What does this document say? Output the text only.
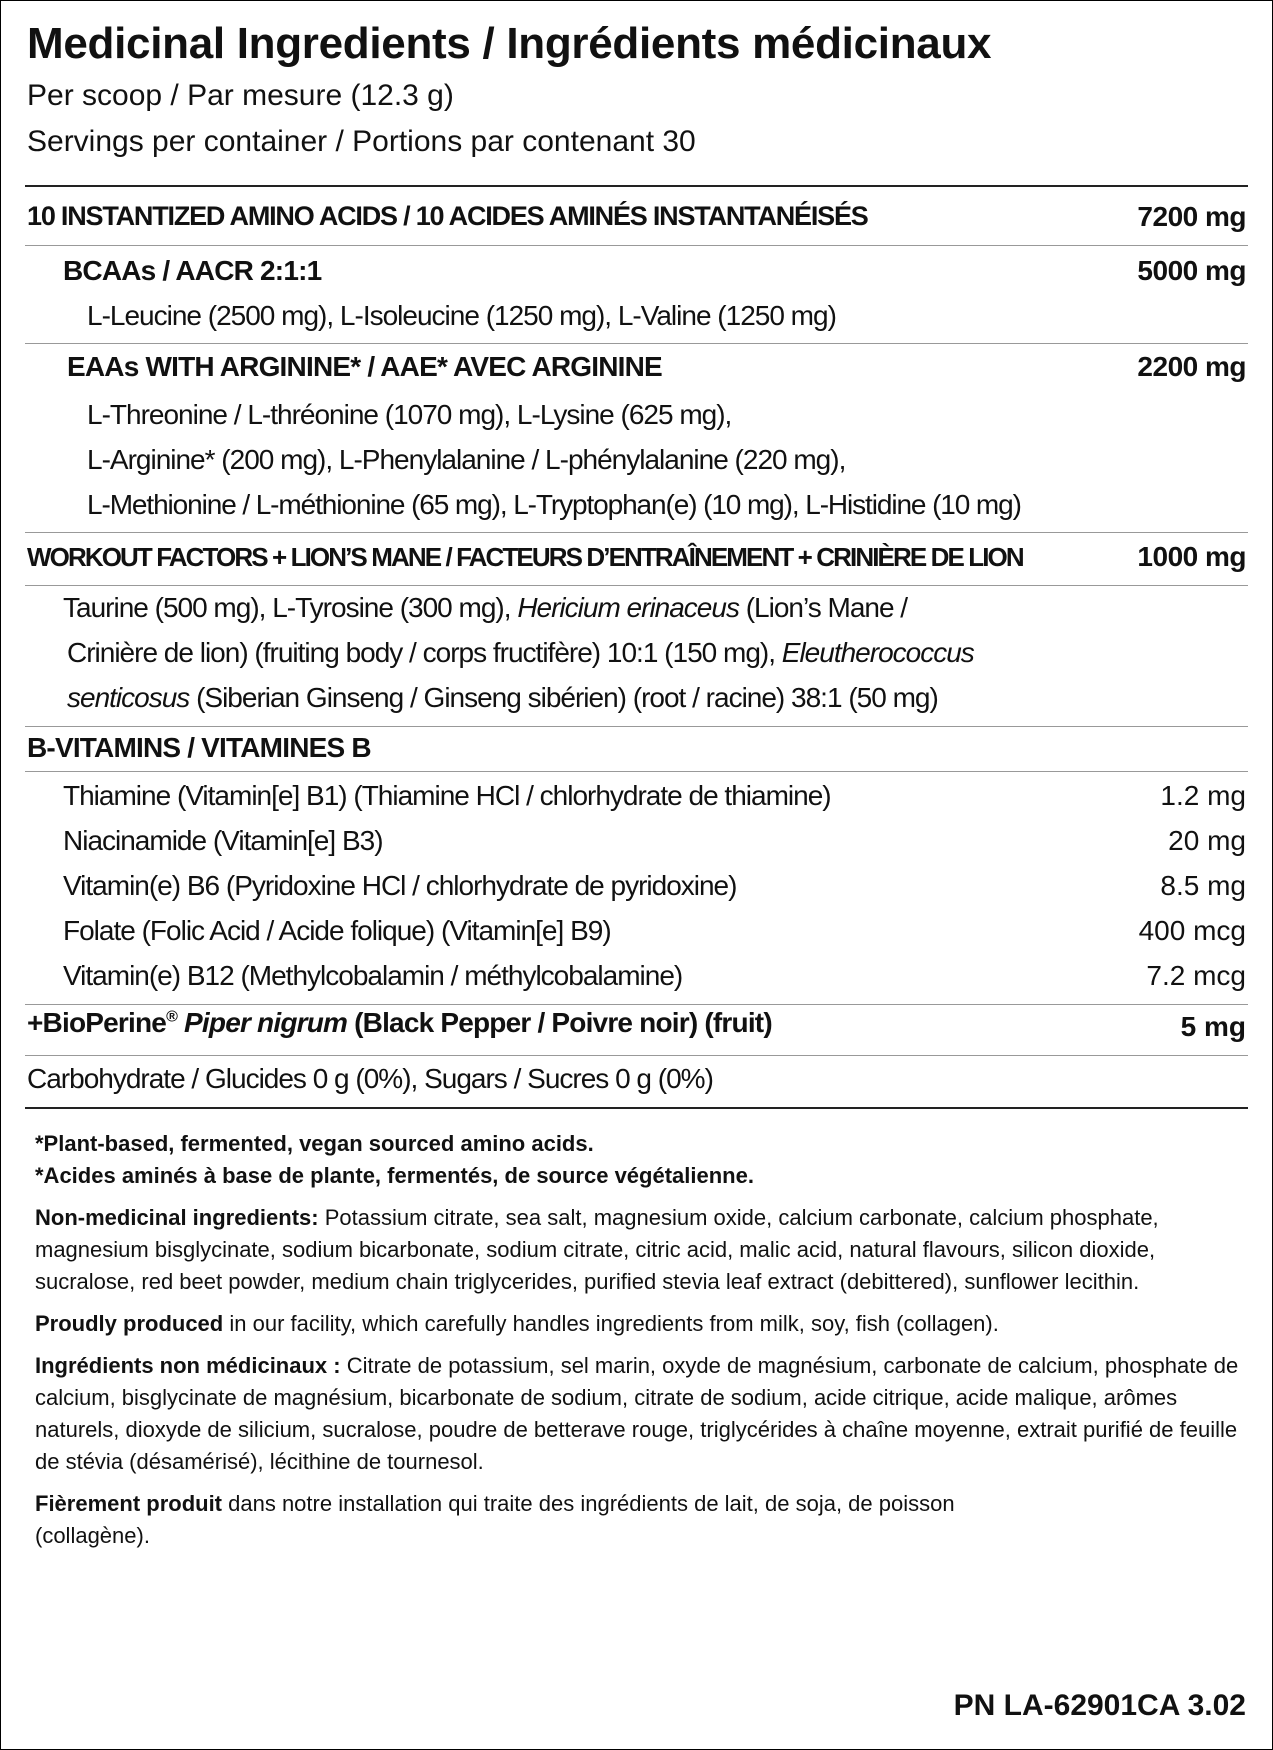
Medicinal Ingredients / Ingrédients médicinaux
Per scoop / Par mesure (12.3 g)
Servings per container / Portions par contenant 30
10 INSTANTIZED AMINO ACIDS / 10 ACIDES AMINÉS INSTANTANÉISÉS	7200 mg
BCAAs / AACR 2:1:1	5000 mg
L-Leucine (2500 mg), L-Isoleucine (1250 mg), L-Valine (1250 mg)
EAAs WITH ARGININE* / AAE* AVEC ARGININE	2200 mg
L-Threonine / L-thréonine (1070 mg), L-Lysine (625 mg),
L-Arginine* (200 mg), L-Phenylalanine / L-phénylalanine (220 mg),
L-Methionine / L-méthionine (65 mg), L-Tryptophan(e) (10 mg), L-Histidine (10 mg)
WORKOUT FACTORS + LION’S MANE / FACTEURS D’ENTRAÎNEMENT + CRINIÈRE DE LION	1000 mg
Taurine (500 mg), L-Tyrosine (300 mg), Hericium erinaceus (Lion’s Mane /
Crinière de lion) (fruiting body / corps fructifère) 10:1 (150 mg), Eleutherococcus
senticosus (Siberian Ginseng / Ginseng sibérien) (root / racine) 38:1 (50 mg)
B-VITAMINS / VITAMINES B
Thiamine (Vitamin[e] B1) (Thiamine HCl / chlorhydrate de thiamine)	1.2 mg
Niacinamide (Vitamin[e] B3)	20 mg
Vitamin(e) B6 (Pyridoxine HCl / chlorhydrate de pyridoxine)	8.5 mg
Folate (Folic Acid / Acide folique) (Vitamin[e] B9)	400 mcg
Vitamin(e) B12 (Methylcobalamin / méthylcobalamine)	7.2 mcg
+BioPerine® Piper nigrum (Black Pepper / Poivre noir) (fruit)	5 mg
Carbohydrate / Glucides 0 g (0%), Sugars / Sucres 0 g (0%)

*Plant-based, fermented, vegan sourced amino acids.

*Acides aminés à base de plante, fermentés, de source végétalienne.

Non-medicinal ingredients: Potassium citrate, sea salt, magnesium oxide, calcium carbonate, calcium phosphate, magnesium bisglycinate, sodium bicarbonate, sodium citrate, citric acid, malic acid, natural flavours, silicon dioxide, sucralose, red beet powder, medium chain triglycerides, purified stevia leaf extract (debittered), sunflower lecithin.

Proudly produced in our facility, which carefully handles ingredients from milk, soy, fish (collagen).

Ingrédients non médicinaux : Citrate de potassium, sel marin, oxyde de magnésium, carbonate de calcium, phosphate de calcium, bisglycinate de magnésium, bicarbonate de sodium, citrate de sodium, acide citrique, acide malique, arômes naturels, dioxyde de silicium, sucralose, poudre de betterave rouge, triglycérides à chaîne moyenne, extrait purifié de feuille de stévia (désamérisé), lécithine de tournesol.

Fièrement produit dans notre installation qui traite des ingrédients de lait, de soja, de poisson (collagène).

PN LA-62901CA 3.02
